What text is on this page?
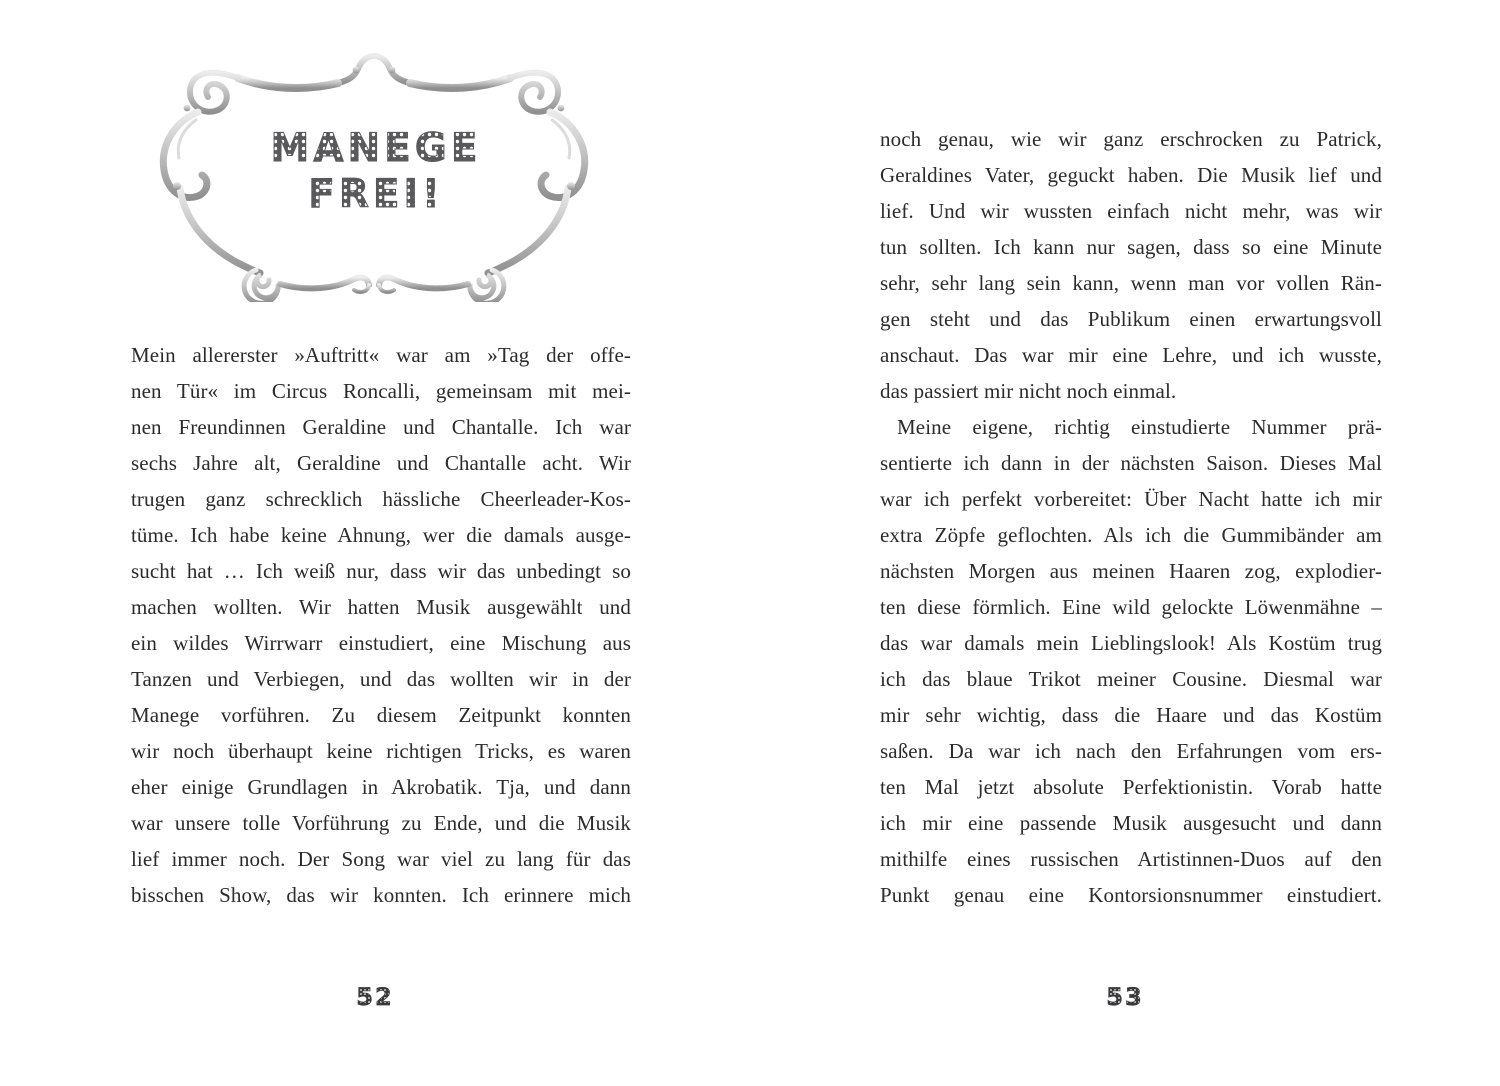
MANEGE
FREI!
Mein allererster »Auftritt« war am »Tag der offe-
nen Tür« im Circus Roncalli, gemeinsam mit mei-
nen Freundinnen Geraldine und Chantalle. Ich war
sechs Jahre alt, Geraldine und Chantalle acht. Wir
trugen ganz schrecklich hässliche Cheerleader-Kos-
tüme. Ich habe keine Ahnung, wer die damals ausge-
sucht hat … Ich weiß nur, dass wir das unbedingt so
machen wollten. Wir hatten Musik ausgewählt und
ein wildes Wirrwarr einstudiert, eine Mischung aus
Tanzen und Verbiegen, und das wollten wir in der
Manege vorführen. Zu diesem Zeitpunkt konnten
wir noch überhaupt keine richtigen Tricks, es waren
eher einige Grundlagen in Akrobatik. Tja, und dann
war unsere tolle Vorführung zu Ende, und die Musik
lief immer noch. Der Song war viel zu lang für das
bisschen Show, das wir konnten. Ich erinnere mich
noch genau, wie wir ganz erschrocken zu Patrick,
Geraldines Vater, geguckt haben. Die Musik lief und
lief. Und wir wussten einfach nicht mehr, was wir
tun sollten. Ich kann nur sagen, dass so eine Minute
sehr, sehr lang sein kann, wenn man vor vollen Rän-
gen steht und das Publikum einen erwartungsvoll
anschaut. Das war mir eine Lehre, und ich wusste,
das passiert mir nicht noch einmal.
Meine eigene, richtig einstudierte Nummer prä-
sentierte ich dann in der nächsten Saison. Dieses Mal
war ich perfekt vorbereitet: Über Nacht hatte ich mir
extra Zöpfe geflochten. Als ich die Gummibänder am
nächsten Morgen aus meinen Haaren zog, explodier-
ten diese förmlich. Eine wild gelockte Löwenmähne –
das war damals mein Lieblingslook! Als Kostüm trug
ich das blaue Trikot meiner Cousine. Diesmal war
mir sehr wichtig, dass die Haare und das Kostüm
saßen. Da war ich nach den Erfahrungen vom ers-
ten Mal jetzt absolute Perfektionistin. Vorab hatte
ich mir eine passende Musik ausgesucht und dann
mithilfe eines russischen Artistinnen-Duos auf den
Punkt genau eine Kontorsionsnummer einstudiert.
52	53
